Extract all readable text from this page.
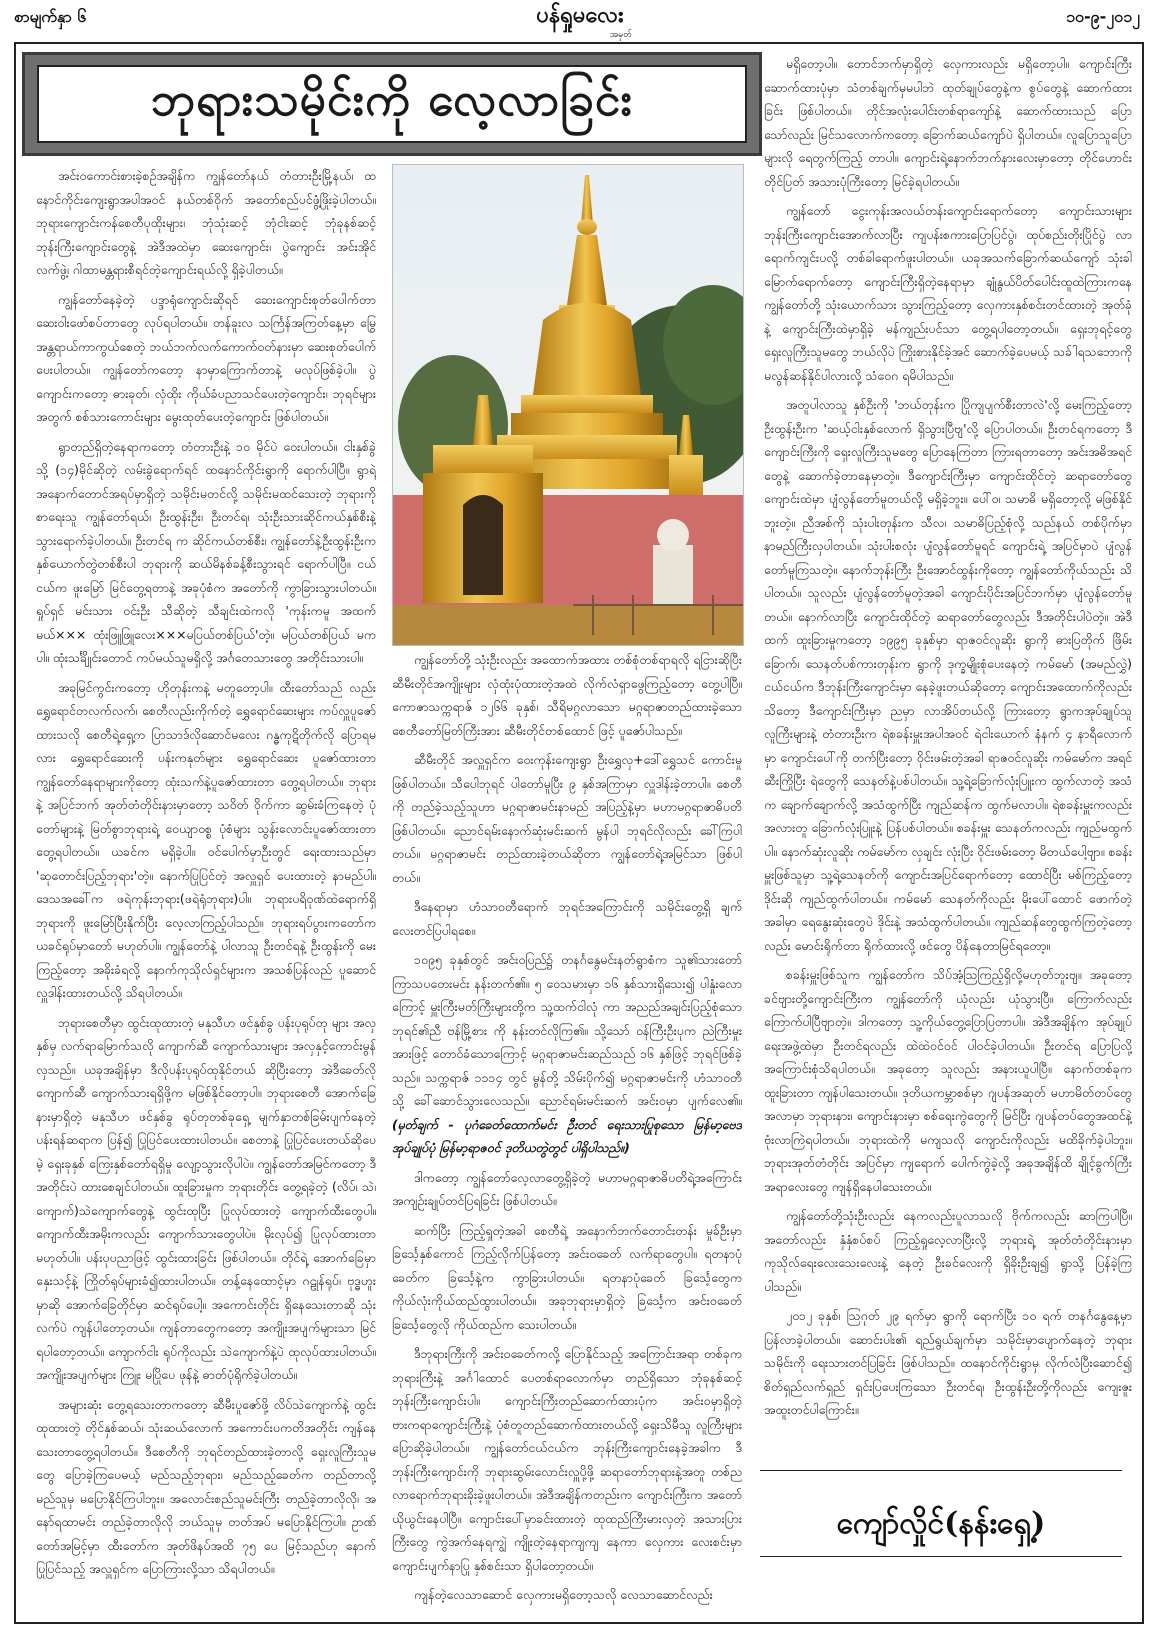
စာမျက်နှာ ၆	ပန်ရှုမလေး
အမှတ်
၁၀-၉-၂၀၁၂
ဘုရားသမိုင်းကို လေ့လာခြင်း

အင်းဝကောင်းစားခဲ့စဉ်အချိန်က ကျွန်တော်နယ် တံတားဦးမြို့နယ်၊ ထနောင်ကိုင်းကျေးရွာအပါအဝင် နယ်တစ်ဝိုက် အတော်စည်ပင်ဖွံ့ဖြိုးခဲ့ပါတယ်။ ဘုရားကျောင်းကန်စေတီပုထိုးများ၊ ဘုံသုံးဆင့် ဘုံငါးဆင့် ဘုံခုနစ်ဆင့် ဘုန်းကြီးကျောင်းတွေနဲ့ အဲဒီအထဲမှာ ဆေးကျောင်း၊ ပွဲကျောင်း အင်းအိုင်လက်ဖွဲ့၊ ဂါထာမန္တရားစီရင်တဲ့ကျောင်းရယ်လို့ ရှိခဲ့ပါတယ်။

ကျွန်တော်နေခဲ့တဲ့ ပဒ္ဒာရုံကျောင်းဆိုရင် ဆေးကျောင်းစုတ်ပေါက်တာ ဆေးဝါးဖော်စပ်တာတွေ လုပ်ရပါတယ်။ တန်ခူးလ သင်္ကြန်အကြတ်နေ့မှာ မြွေအန္တရာယ်ကာကွယ်စေတဲ့ ဘယ်ဘက်လက်ကောက်ဝတ်နားမှာ ဆေးစုတ်ပေါက်ပေးပါတယ်။ ကျွန်တော်ကတော့ နာမှာကြောက်တာနဲ့ မလုပ်ဖြစ်ခဲ့ပါ။ ပွဲကျောင်းကတော့ ဓားခုတ်၊ လှံထိုး ကိုယ်ခံပညာသင်ပေးတဲ့ကျောင်း၊ ဘုရင်များအတွက် စစ်သားကောင်းများ မွေးထုတ်ပေးတဲ့ကျောင်း ဖြစ်ပါတယ်။

ရွာတည်ရှိတဲ့နေရာကတော့ တံတားဦးနဲ့ ၁၀ မိုင်ပဲ ဝေးပါတယ်။ ငါးနှစ်ခွဲသို့ (၁၄)မိုင်ဆိုတဲ့ လမ်းခွဲရောက်ရင် ထနောင်ကိုင်းရွာကို ရောက်ပါပြီ။ ရွာရဲ့အနောက်တောင်အရပ်မှာရှိတဲ့ သမိုင်းမတင်လို့ သမိုင်းမထင်သေးတဲ့ ဘုရားကို စာရေးသူ ကျွန်တော်ရယ်၊ ဦးထွန်းဦး၊ ဦးတင်ရ၊ သုံးဦးသားဆိုင်ကယ်နှစ်စီးနဲ့ သွားရောက်ခဲ့ပါတယ်။ ဦးတင်ရ က ဆိုင်ကယ်တစ်စီး၊ ကျွန်တော်နဲ့ဦးထွန်းဦးက နှစ်ယောက်တွဲတစ်စီးပါ ဘုရားကို ဆယ်မိနစ်ခန့်စီးသွားရင် ရောက်ပါပြီ။ ငယ်ငယ်က ဖူးမြော် မြင်တွေ့ရတာနဲ့ အခုပုံစံက အတော်ကို ကွာခြားသွားပါတယ်။ ရှုပ်ရှင် မင်းသား ဝင်းဦး သီဆိုတဲ့ သီချင်းထဲကလို 'ကုန်းကမူ အထက်မယ်××× ထုံးဖြူဖြူလေး×××မပြယ်တစ်ပြယ်'တဲ့။ မပြယ်တစ်ပြယ် မကပါ။ ထုံးသင်္ချိုင်းတောင် ကပ်မယ်သူမရှိလို့ အင်္ဂတေသားတွေ အတိုင်းသားပါ။

အခုမြင်ကွင်းကတော့ ဟိုတုန်းကနဲ့ မတူတော့ပါ။ ထီးတော်သည် လည်း ရွှေရောင်တလက်လက်၊ စေတီလည်းကိုက်တဲ့ ရွှေရောင်ဆေးများ ကပ်လှူပူဇော်ထားသလို စေတီရဲ့ရှေ့က ပြာသာဒ်လိုဆောင်မလေး ဂန္ဓကုဋိတိုက်လို ပြောရမလား ရွှေရောင်ဆေးကို ပန်းကနုတ်များ ရွှေရောင်ဆေး ပူဇော်ထားတာ ကျွန်တော်နေရာများကိုတော့ ထုံးသက်နဲ့ပူဇော်ထားတာ တွေ့ရပါတယ်။ ဘုရားနဲ့ အပြင်ဘက် အုတ်တံတိုင်းနားမှာတော့ သဝိတ် ဝိုက်ကာ ဆွမ်းခံကြနေတဲ့ ပုံတော်များနဲ့ မြတ်စွာဘုရားရဲ့ ဝေယျာဝစ္စ ပုံစံများ သွန်းလောင်းပူဇော်ထားတာ တွေ့ရပါတယ်။ ယခင်က မရှိခဲ့ပါ။ ဝင်ပေါက်မှာဦးတွင် ရေးထားသည်မှာ 'ဆုတောင်းပြည့်ဘုရား'တဲ့။ နောက်ပြုပြင်တဲ့ အလှူရှင် ပေးထားတဲ့ နာမည်ပါ။ ဒေသအခေါ်က ဖရဲကုန်းဘုရား(ဖရဲရုံဘုရား)ပါ။ ဘုရားပရိဝုဏ်ထဲရောက်ရှိ ဘုရားကို ဖူးမြော်ပြီးနိုက်ပြီး လေ့လာကြည့်ပါသည်။ ဘုရားရပ်ပွားကတော်က ယခင်ရုပ်မှာတော် မဟုတ်ပါ။ ကျွန်တော်နဲ့ ပါလာသူ ဦးတင်ရနဲ့ ဦးထွန်းကို မေးကြည့်တော့ အခိုးခံရလို့ နောက်ကုသိုလ်ရှင်များက အသစ်ပြန်လည် ပူဆောင်လှူဒါန်းထားတယ်လို့ သိရပါတယ်။

ဘုရားစေတီမှာ ထွင်းထုထားတဲ့ မနုသီဟ ဖင်နှစ်ခွ ပန်းပုရုပ်တု များ အလှနှစ်မှ လက်ရာမြောက်သလို ကျောက်ဆီ ကျောက်သားများ အလှနှင့်ကောင်းမွန်လှသည်။ ယခုအချိန်မှာ ဒီလိုပန်းပုရုပ်ထုနိုင်တယ် ဆိုပြီးတော့ အဲဒီခေတ်လို ကျောက်ဆီ ကျောက်သားရရှိဖို့က မဖြစ်နိုင်တော့ပါ။ ဘုရားစေတီ အောက်ခြေနားမှာရှိတဲ့ မနုသီဟ ဖင်နှစ်ခွ ရုပ်တုတစ်ခုရှေ့ မျက်နှာတစ်ခြမ်းပျက်နေတဲ့ ပန်းရန်ဆရာက ပြန်၍ ပြုပြင်ပေးထားပါတယ်။ စေတာနဲ့ ပြုပြင်ပေးတယ်ဆိုပေမဲ့ ရှေးခုနှစ် ကြေးနှစ်တော်ရရှိမှု လျော့သွားလိုပါပဲ။ ကျွန်တော်အမြင်ကတော့ ဒီအတိုင်းပဲ ထားစေချင်ပါတယ်။ ထူးခြားမှုက ဘုရားတိုင်း တွေ့ရခဲ့တဲ့ (လိပ်၊ သဲ၊ ကျောက်)သဲကျောက်တွေနဲ့ ထွင်းထုပြီး ပြုလုပ်ထားတဲ့ ကျောက်ထီးတွေပါ။ ကျောက်ထီးအမိုးကလည်း ကျောက်သားတွေပါပဲ။ မိုးလုပ်၍ ပြုလုပ်ထားတာမဟုတ်ပါ။ ပန်းပုပညာဖြင့် ထွင်းထားခြင်း ဖြစ်ပါတယ်။ တိုင်ရဲ့ အောက်ခြေမှာ နှေးသင့်နဲ့ ကြိုတ်ရုပ်များခံ၍ထားပါတယ်။ တန့်နေထောင့်မှာ ဂဠုန်ရုပ်၊ ဗုဒ္ဓဟူးမှာဆို အောက်ခြေတိုင်မှာ ဆင်ရုပ်ပေါ့။ အကောင်းတိုင်း ရှိနေသေးတာဆို သုံးလက်ပဲ ကျန်ပါတော့တယ်။ ကျန်တာတွေကတော့ အကျိုးအပျက်များသာ မြင်ရပါတော့တယ်။ ကျောက်ငါး ရုပ်ကိုလည်း သဲကျောက်နဲ့ပဲ ထုလုပ်ထားပါတယ်။ အကျိုးအပျက်များ ကြူး မပြိုပေ ဖုန်နဲ့ ဓာတ်ပုံရိုက်ခဲ့ပါတယ်။

အများဆုံး တွေ့ရသေးတာကတော့ ဆီမီးပူဇော်ဖို့ လိပ်သဲကျောက်နဲ့ ထွင်းထုထားတဲ့ တိုင်နှစ်ဆယ်၊ သုံးဆယ်လောက် အကောင်းပကတိအတိုင်း ကျန်နေသေးတာတွေ့ရပါတယ်။ ဒီစေတီကို ဘုရင်တည်ထားခဲ့တာလို့ ရှေးလူကြီးသူမတွေ ပြောခဲ့ကြပေမယ့် မည်သည့်ဘုရား၊ မည်သည့်ခေတ်က တည်တာလို့ မည်သူမှ မပြောနိုင်ကြပါဘူး။ အလောင်းစည်သူမင်းကြီး တည်ခဲ့တာလိုလို၊ အနော်ရထာမင်း တည်ခဲ့တာလိုလို ဘယ်သူမှ တတ်အပ် မပြောနိုင်ကြပါ။ ဥာဏ်တော်အမြင့်မှာ ထီးတော်က အုတ်ဖိနပ်အထိ ၇၅ ပေ မြင့်သည်ဟု နောက်ပြုပြင်သည့် အလှူရှင်က ပြောကြားလို့သာ သိရပါတယ်။

ကျွန်တော်တို့ သုံးဦးလည်း အထောက်အထား တစ်စုံတစ်ရာရလို ရငြားဆိုပြီး ဆီမီးတိုင်အကျိုးများ လှံထုံးပုံထားတဲ့အထဲ လိုက်လံရှာဖွေကြည့်တော့ တွေ့ပါပြီ။ ကောဇာသက္ကရာဇ် ၁၂၆၆ ခုနှစ်၊ သီရိမဂ္ဂလာသော မဂ္ဂရာဇာတည်ထားခဲ့သော စေတီတော်မြတ်ကြီးအား ဆီမီးတိုင်တစ်ထောင် ဖြင့် ပူဇော်ပါသည်။

ဆီမီးတိုင် အလှူရှင်က ဝေးကုန်းကျေးရွာ ဦးရွှေလှ+ဒေါ်ရွှေသင် ကောင်းမှုဖြစ်ပါတယ်။ သီပေါဘုရင် ပါတော်မူပြီး ၉ နှစ်အကြာမှာ လှူဒါန်းခဲ့တာပါ။ စေတီကို တည်ခဲ့သည့်သူဟာ မဂ္ဂရာဇာမင်းနာမည် အပြည့်နဲ့မှာ မဟာမဂ္ဂရာဇာဓိပတိ ဖြစ်ပါတယ်။ ညောင်ရမ်းနောက်ဆုံးမင်းဆက် မွန်ပါ ဘုရင်လိုလည်း ခေါ်ကြပါတယ်။ မဂ္ဂရာဇာမင်း တည်ထားခဲ့တယ်ဆိုတာ ကျွန်တော်ရဲ့အမြင်သာ ဖြစ်ပါတယ်။

ဒီနေရာမှာ ဟံသာဝတီရောက် ဘုရင်အကြောင်းကို သမိုင်းတွေ့ရှိ ချက်လေးတင်ပြပါရစေ။

၁၀၉၅ ခုနှစ်တွင် အင်းဝပြည်၌ တနင်္ဂနွေမင်းနတ်ရွာစံက သူ၏သားတော် ကြာသပတေးမင်း နန်းတက်၏။ ၅ ဝေသမားမှာ ၁၆ နှစ်သားရှိသေး၍ ပါနှုံးလောကြောင့် မှူးကြီးမတ်ကြီးများတို့က သူ့ထက်ငါလုံ ကာ အညည်အချင်းပြည့်စုံသော ဘုရင်၏ညီ ဗန်မြို့စား ကို နန်းတင်လိုကြ၏။ သို့သော် ဝန်ကြီးဦးပုက ညဲကြီးမှုးအားဖြင့် တောဝ်ခံသောကြောင့် မဂ္ဂရာဇာမင်းဆည်သည် ၁၆ နှစ်ဖြင့် ဘုရင်ဖြစ်ခဲ့သည်။ သက္ကရာဇ် ၁၁၁၄ တွင် မွန်တို့ သိမ်းပိုက်၍ မဂ္ဂရာဇာမင်းကို ဟံသာဝတီသို့ ခေါ်ဆောင်သွားလေသည်။ ညောင်ရမ်းမင်းဆက် အင်းဝမှာ ပျက်လေ၏။ (မှတ်ချက် - ပုဂံခေတ်ထောက်မင်း ဦးတင် ရေးသားပြုစုသော မြန်မာ့ဗေဒအုပ်ချုပ်ပုံ မြန်မာ့ရာဇဝင် ဒုတိယတွဲတွင် ပါရှိပါသည်။)

ဒါကတော့ ကျွန်တော်လေ့လာတွေ့ရှိခဲ့တဲ့ မဟာမဂ္ဂရာဇာဓိပတိရဲ့အကြောင်း အကျဉ်းချုပ်တင်ပြရခြင်း ဖြစ်ပါတယ်။

ဆက်ပြီး ကြည့်ရှုတဲ့အခါ စေတီရဲ့ အနောက်ဘက်တောင်းတန်း မှုခ်ဦးမှာ ခြင်္သေ့နှစ်ကောင် ကြည့်လိုက်ပြန်တော့ အင်းဝခေတ် လက်ရာတွေပါ။ ရတနာပုံခေတ်က ခြင်္သေ့နဲ့က ကွာခြားပါတယ်။ ရတနာပုံခေတ် ခြင်္သေ့တွေက ကိုယ်လုံးကိုယ်ထည်ထွားပါတယ်။ အခုဘုရားမှာရှိတဲ့ ခြင်္သေ့က အင်းဝခေတ် ခြင်္သေ့တွေလို ကိုယ်ထည်က သေးပါတယ်။

ဒီဘုရားကြီးကို အင်းဝခေတ်ကလို့ ပြောနိုင်သည့် အကြောင်းအရာ တစ်ခုက ဘုရားကြီးနဲ့ အင်္ဂါထောင် ပေတစ်ရာလောက်မှာ တည်ရှိသော ဘုံခုနစ်ဆင့် ဘုန်းကြီးကျောင်းပါ။ ကျောင်းကြီးတည်ဆောက်ထားပုံက အင်းဝမှာရှိတဲ့ ဗားကရာကျောင်းကြီးနဲ့ ပုံစံတူတည်ဆောက်ထားတယ်လို့ ရှေးသိမီသူ လူကြီးများ ပြောဆိုခဲ့ပါတယ်။ ကျွန်တော်ငယ်ငယ်က ဘုန်းကြီးကျောင်းနေခဲ့အခါက ဒီဘုန်းကြီးကျောင်းကို ဘုရားဆွမ်းလောင်းလှူပို့ဖို့ ဆရာတော်ဘုရားနဲ့အတူ တစ်ညလာရောက်ဘုရားခိုးခဲ့ဖူးပါတယ်။ အဲဒီအချိန်ကတည်းက ကျောင်းကြီးက အတော်ယိုယွင်းနေပါပြီ။ ကျောင်းပေါ်မှာခင်းထားတဲ့ ထုထည်ကြီးမားလှတဲ့ အသားပြားကြီးတွေ ကွဲအက်နေရကျွဲ ကျိုးတဲ့နေရာကျကျ နေကာ လှေကား လေးစင်းမှာ ကျောင်းပျက်နာပြု နှစ်စင်းသာ ရှိပါတော့တယ်။

ကျန်တဲ့လေသာဆောင် လှေကားမရှိတော့သလို လေသာဆောင်လည်း

မရှိတော့ပါ။ တောင်ဘက်မှာရှိတဲ့ လှေကားလည်း မရှိတော့ပါ။ ကျောင်းကြီး ဆောက်ထားပုံမှာ သံတစ်ချက်မှမပါဘဲ ထုတ်ချုပ်တွေနဲ့က စွပ်တွေနဲ့ ဆောက်ထားခြင်း ဖြစ်ပါတယ်။ တိုင်အလုံးပေါင်းတစ်ရာကျော်နဲ့ ဆောက်ထားသည် ပြောသော်လည်း မြင်သလောက်ကတော့ ခြောက်ဆယ်ကျော်ပဲ ရှိပါတယ်။ လူပြောသူပြောများလို ရေတွက်ကြည့် တာပါ။ ကျောင်းရဲ့နောက်ဘက်နားလေးမှာတော့ တိုင်ဟောင်း တိုင်ပြတ် အသားပုံကြီးတော့ မြင်ခဲ့ရပါတယ်။

ကျွန်တော် ငွေးကုန်းအလယ်တန်းကျောင်းရောက်တော့ ကျောင်းသားများ ဘုန်းကြီးကျောင်းအောက်လာပြီး ကျပန်းစကားပြောပြင်ပွဲ၊ ထုပ်စည်းတိုးပြိုင်ပွဲ လာရောက်ကျင်းပလို့ တစ်ခါရောက်ဖူးပါတယ်။ ယခုအသက်ခြောက်ဆယ်ကျော် သုံးခါမြောက်ရောက်တော့ ကျောင်းကြီးရှိတဲ့နေရာမှာ ချုံနွယ်ပိတ်ပေါင်းထူထဲကြားကနေ ကျွန်တော်တို့ သုံးယောက်သား သွားကြည့်တော့ လှေကားနှစ်စင်းတင်ထားတဲ့ အုတ်ခုံနဲ့ ကျောင်းကြီးထဲမှာရှိခဲ့ မန်ကျည်းပင်သာ တွေ့ရပါတော့တယ်။ ရှေးဘုရင့်တွေ ရှေးလူကြီးသူမတွေ ဘယ်လိုပဲ ကြိုးစားနိုင်ခဲ့အင် ဆောက်ခဲ့ပေမယ့် သခ်ါရသဘောကို မလွန်ဆန်နိုင်ပါလားလို့ သံဝေဂ ရမိပါသည်။

အတူပါလာသူ နှစ်ဦးကို 'ဘယ်တုန်းက ပြိုကျပျက်စီးတာလဲ'လို့ မေးကြည့်တော့ ဦးထွန်းဦးက 'ဆယ့်ငါးနှစ်လောက် ရှိသွားပြီဗျ'လို့ ပြောပါတယ်။ ဦးတင်ရကတော့ ဒီကျောင်းကြီးကို ရှေးလူကြီးသူမတွေ ပြောနေကြတာ ကြားရတာတော့ အင်းအဓိအရင်တွေနဲ့ ဆောက်ခဲ့တာနေမှာတဲ့။ ဒီကျောင်းကြီးမှာ ကျောင်းထိုင်တဲ့ ဆရာတော်တွေ ကျောင်းထဲမှာ ပျံလွန်တော်မူတယ်လို့ မရှိခဲ့ဘူး။ ပေါ်ဝ၊ သမာဓိ မရှိတော့လို့ မဖြစ်နိုင်ဘူးတဲ့။ ညီအစ်ကို သုံးပါးတုန်းက သီလ၊ သမာဓိပြည့်စုံလို့ သည်နယ် တစ်ပိုက်မှာ နာမည်ကြီးလှပါတယ်။ သုံးပါးစလုံး ပျံလွန်တော်မူရင် ကျောင်းရဲ့ အပြင်မှာပဲ ပျံလွန်တော်မူကြသတဲ့။ နောက်ဘုန်းကြီး ဦးအောင်ထွန်းကိုတော့ ကျွန်တော်ကိုယ်သည်း သိပါတယ်။ သူလည်း ပျံလွန်တော်မူတဲ့အခါ ကျောင်းပိုင်းအပြင်ဘက်မှာ ပျံလွန်တော်မူတယ်။ နောက်လာပြီး ကျောင်းထိုင်တဲ့ ဆရာတော်တွေလည်း ဒီအတိုင်းပါပဲတဲ့။ အဲဒီထက် ထူးခြားမှုကတော့ ၁၉၉၅ ခုနှစ်မှာ ရာဇဝင်လူဆိုး ရွာကို ဓားပြတိုက် ဖြိမ်းခြောက်၊ သေနတ်ပစ်ကားတုန်းက ရွာကို ဒုက္ခမျိုးစုံပေးနေတဲ့ ကမ်မော် (အမည်လွှဲ) ငယ်ငယ်က ဒီဘုန်းကြီးကျောင်းမှာ နေခဲ့ဖူးတယ်ဆိုတော့ ကျောင်းအထောက်ကိုလည်းသိတော့ ဒီကျောင်းကြီးမှာ ညမှာ လာအိပ်တယ်လို့ ကြားတော့ ရွာကအုပ်ချုပ်သူ လူကြီးများနဲ့ တံတားဦးက ရဲစခန်းမှူးအပါအဝင် ရဲငါးယောက် နံနက် ၄ နာရီလောက်မှာ ကျောင်းပေါ်ကို တက်ပြီးတော့ ဝိုင်းဖမ်းတဲ့အခါ ရာဇဝင်လူဆိုး ကမ်မော်က အရင်ဆီးကြိုပြီး ရဲတွေကို သေနတ်နဲ့ပစ်ပါတယ်။ သူ့ရဲ့ခြောက်လုံးပြူးက ထွက်လာတဲ့ အသံက ချောက်ချောက်လို့ အသံထွက်ပြီး ကျည်ဆန်က ထွက်မလာပါ။ ရဲစခန်းမှူးကလည်း အလားတူ ခြောက်လုံးပြူးနဲ့ ပြန်ပစ်ပါတယ်။ စခန်းမှူး သေနတ်ကလည်း ကျည်မထွက်ပါ။ နောက်ဆုံးလူဆိုး ကမ်မော်က လှချင်း လုံးပြီး ဝိုင်းဖမ်းတော့ မိတယ်ပေါ့ဗျာ။ စခန်းမှူးဖြစ်သူမှာ သူ့ရဲ့သေနတ်ကို ကျောင်းအပြင်ရောက်တော့ ထောင်ပြီး မစ်ကြည့်တော့ ဒိုင်းဆို ကျည်ထွက်ပါတယ်။ ကမ်မော် သေနတ်ကိုလည်း မိုးပေါ်ထောင် ဖောက်တဲ့အခါမှာ ရေနွေးဆုံးတွေပဲ ဒိုင်းနဲ့ အသံထွက်ပါတယ်။ ကျည်ဆန်တွေထွက်ကြတဲ့တော့လည်း မောင်းရိုက်တာ ရိုက်ထားလို့ ဖင်တွေ ပိန်နေတာမြင်ရတော့။

စခန်းမှူးဖြစ်သူက ကျွန်တော်က သိပ်အံ့သြကြည့်ရှိလို့မဟုတ်ဘူးဗျ။ အခုတော့ ခင်ဗျားတို့ကျောင်းကြီးက ကျွန်တော်ကို ယုံလည်း ယုံသွားပြီ။ ကြောက်လည်းကြောက်ပါပြီဗျာတဲ့။ ဒါကတော့ သူ့ကိုယ်တွေ့ပြောပြတာပါ။ အဲဒီအချိန်က အုပ်ချုပ်ရေးအဖွဲ့ထဲမှာ ဦးတင်ရလည်း ထဲထဲဝင်ဝင် ပါဝင်ခဲ့ပါတယ်။ ဦးတင်ရ ပြောပြလို့ အကြောင်းစုံသိရပါတယ်။ အခုတော့ သူလည်း အနားယူပါပြီ။ နောက်တစ်ခုက ထူးခြားတာ ကျန်ပါသေးတယ်။ ဒုတိယကမ္ဘာစစ်မှာ ဂျပန်အဆုတ် မဟာမိတ်တပ်တွေအလာမှာ ဘုရားနား၊ ကျောင်းနားမှာ စစ်ရေးကွဲတွေကို မြင်ပြီး ဂျပန်တပ်တွေအထင်နဲ့ ဗုံးလာကြဲရပါတယ်။ ဘုရားထဲကို မကျသလို ကျောင်းကိုလည်း မထိခိုက်ခဲ့ပါဘူး။ ဘုရားအုတ်တံတိုင်း အပြင်မှာ ကျရောက် ပေါက်ကွဲခဲ့လို့ အခုအချိန်ထိ ချိုင့်ခွက်ကြီးအရာလေးတွေ ကျန်ရှိနေပါသေးတယ်။

ကျွန်တော်တို့သုံးဦးလည်း နေကလည်းပူလာသလို ဗိုက်ကလည်း ဆာကြပါပြီ။ အတော်လည်း နှံနှံစပ်စပ် ကြည့်ရှုလေ့လာပြီးလို့ ဘုရားရဲ့ အုတ်တံတိုင်းနားမှာ ကုသိုလ်ရေးလေးသေးလေးနဲ့ နေတဲ့ ဦးခင်လေးကို ရှိခိုးဦးချ၍ ရွာသို့ ပြန်ခဲ့ကြပါသည်။

၂၀၁၂ ခုနှစ်၊ ဩဂုတ် ၂၉ ရက်မှာ ရွာကို ရောက်ပြီး ၁၀ ရက် တနင်္ဂနွေနေ့မှာ ပြန်လာခဲ့ပါတယ်။ ဆောင်းပါး၏ ရည်ရွယ်ချက်မှာ သမိုင်းမှာပျောက်နေတဲ့ ဘုရားသမိုင်းကို ရေးသားတင်ပြခြင်း ဖြစ်ပါသည်။ ထနောင်ကိုင်းရွာမှ လိုက်လံပြီးဆောင်၍ စိတ်ရှည်လက်ရှည် ရှင်းပြပေးကြသော ဦးတင်ရ၊ ဦးထွန်းဦးတို့ကိုလည်း ကျေးဇူးအထူးတင်ပါကြောင်း။

ကျော်လှိုင်(နန်းရှေ့)
